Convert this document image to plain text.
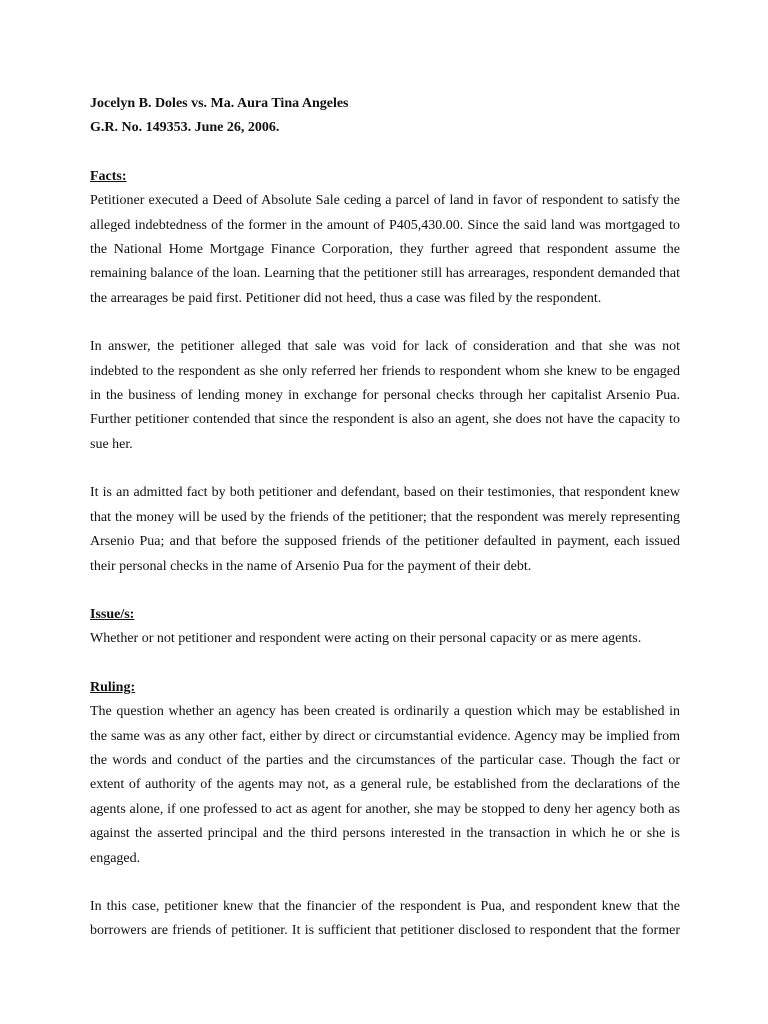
Jocelyn B. Doles vs. Ma. Aura Tina Angeles

G.R. No. 149353. June 26, 2006.

Facts:

Petitioner executed a Deed of Absolute Sale ceding a parcel of land in favor of respondent to satisfy the alleged indebtedness of the former in the amount of P405,430.00. Since the said land was mortgaged to the National Home Mortgage Finance Corporation, they further agreed that respondent assume the remaining balance of the loan. Learning that the petitioner still has arrearages, respondent demanded that the arrearages be paid first. Petitioner did not heed, thus a case was filed by the respondent.

In answer, the petitioner alleged that sale was void for lack of consideration and that she was not indebted to the respondent as she only referred her friends to respondent whom she knew to be engaged in the business of lending money in exchange for personal checks through her capitalist Arsenio Pua. Further petitioner contended that since the respondent is also an agent, she does not have the capacity to sue her.

It is an admitted fact by both petitioner and defendant, based on their testimonies, that respondent knew that the money will be used by the friends of the petitioner; that the respondent was merely representing Arsenio Pua; and that before the supposed friends of the petitioner defaulted in payment, each issued their personal checks in the name of Arsenio Pua for the payment of their debt.

Issue/s:

Whether or not petitioner and respondent were acting on their personal capacity or as mere agents.

Ruling:

The question whether an agency has been created is ordinarily a question which may be established in the same was as any other fact, either by direct or circumstantial evidence. Agency may be implied from the words and conduct of the parties and the circumstances of the particular case. Though the fact or extent of authority of the agents may not, as a general rule, be established from the declarations of the agents alone, if one professed to act as agent for another, she may be stopped to deny her agency both as against the asserted principal and the third persons interested in the transaction in which he or she is engaged.

In this case, petitioner knew that the financier of the respondent is Pua, and respondent knew that the borrowers are friends of petitioner. It is sufficient that petitioner disclosed to respondent that the former
